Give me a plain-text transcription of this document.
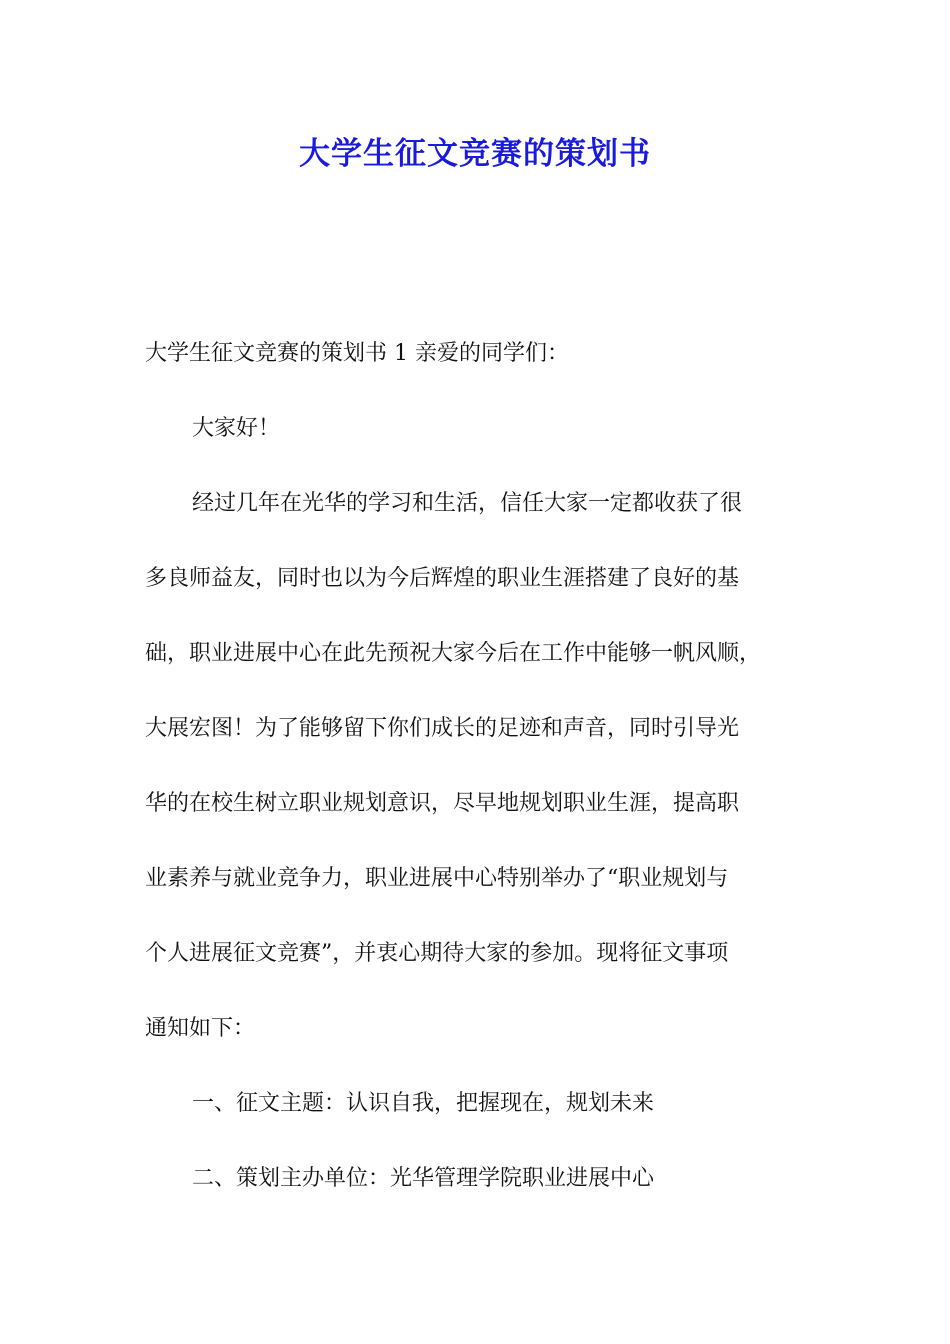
大学生征文竞赛的策划书
大学生征文竞赛的策划书 1 亲爱的同学们：
大家好！
经过几年在光华的学习和生活，信任大家一定都收获了很
多良师益友，同时也以为今后辉煌的职业生涯搭建了良好的基
础，职业进展中心在此先预祝大家今后在工作中能够一帆风顺，
大展宏图！为了能够留下你们成长的足迹和声音，同时引导光
华的在校生树立职业规划意识，尽早地规划职业生涯，提高职
业素养与就业竞争力，职业进展中心特别举办了“职业规划与
个人进展征文竞赛”，并衷心期待大家的参加。现将征文事项
通知如下：
一、征文主题：认识自我，把握现在，规划未来
二、策划主办单位：光华管理学院职业进展中心
